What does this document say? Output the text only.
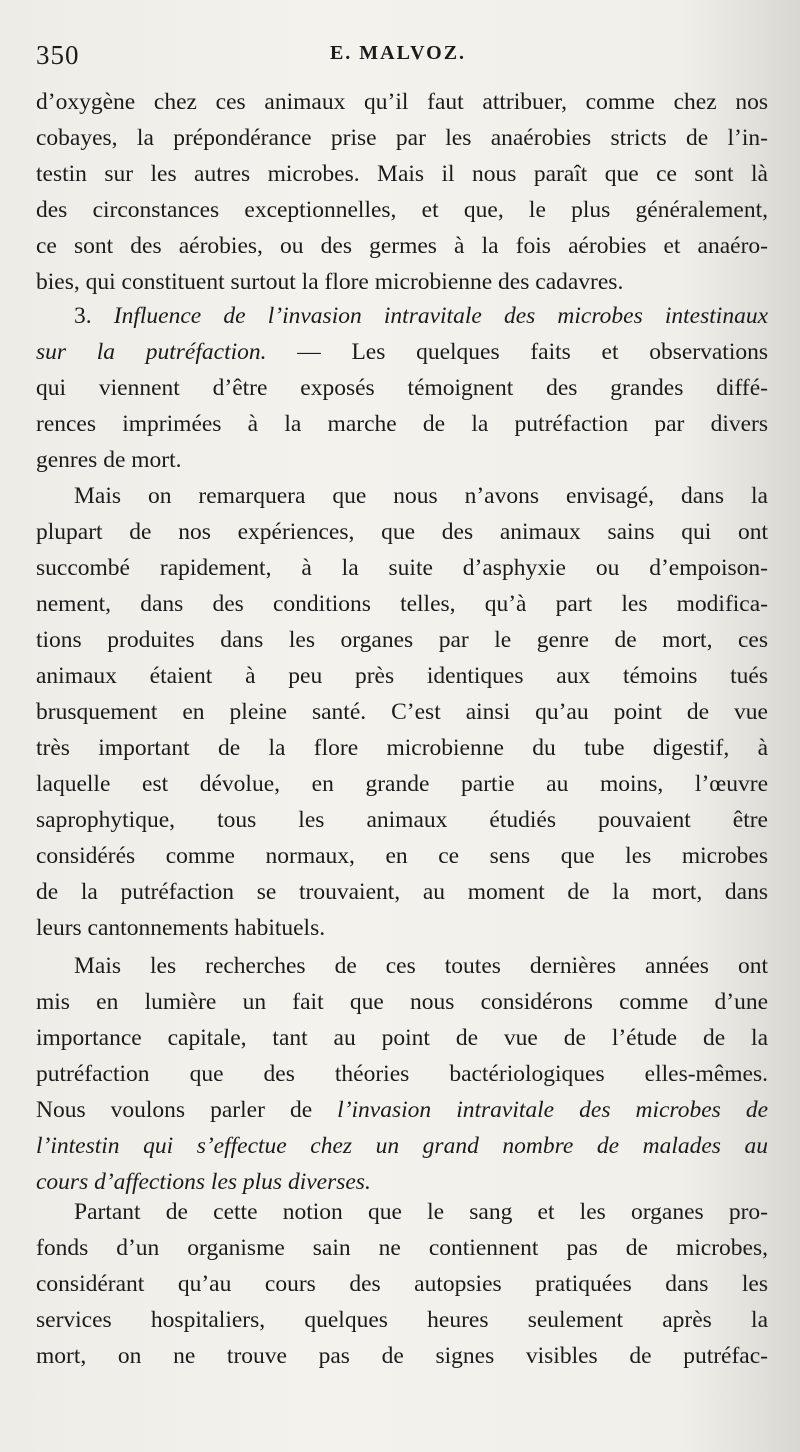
350	E. MALVOZ.
d’oxygène chez ces animaux qu’il faut attribuer, comme chez nos
cobayes, la prépondérance prise par les anaérobies stricts de l’in-
testin sur les autres microbes. Mais il nous paraît que ce sont là
des circonstances exceptionnelles, et que, le plus généralement,
ce sont des aérobies, ou des germes à la fois aérobies et anaéro-
bies, qui constituent surtout la flore microbienne des cadavres.
3. Influence de l’invasion intravitale des microbes intestinaux
sur la putréfaction. — Les quelques faits et observations
qui viennent d’être exposés témoignent des grandes diffé-
rences imprimées à la marche de la putréfaction par divers
genres de mort.
Mais on remarquera que nous n’avons envisagé, dans la
plupart de nos expériences, que des animaux sains qui ont
succombé rapidement, à la suite d’asphyxie ou d’empoison-
nement, dans des conditions telles, qu’à part les modifica-
tions produites dans les organes par le genre de mort, ces
animaux étaient à peu près identiques aux témoins tués
brusquement en pleine santé. C’est ainsi qu’au point de vue
très important de la flore microbienne du tube digestif, à
laquelle est dévolue, en grande partie au moins, l’œuvre
saprophytique, tous les animaux étudiés pouvaient être
considérés comme normaux, en ce sens que les microbes
de la putréfaction se trouvaient, au moment de la mort, dans
leurs cantonnements habituels.
Mais les recherches de ces toutes dernières années ont
mis en lumière un fait que nous considérons comme d’une
importance capitale, tant au point de vue de l’étude de la
putréfaction que des théories bactériologiques elles-mêmes.
Nous voulons parler de l’invasion intravitale des microbes de
l’intestin qui s’effectue chez un grand nombre de malades au
cours d’affections les plus diverses.
Partant de cette notion que le sang et les organes pro-
fonds d’un organisme sain ne contiennent pas de microbes,
considérant qu’au cours des autopsies pratiquées dans les
services hospitaliers, quelques heures seulement après la
mort, on ne trouve pas de signes visibles de putréfac-
